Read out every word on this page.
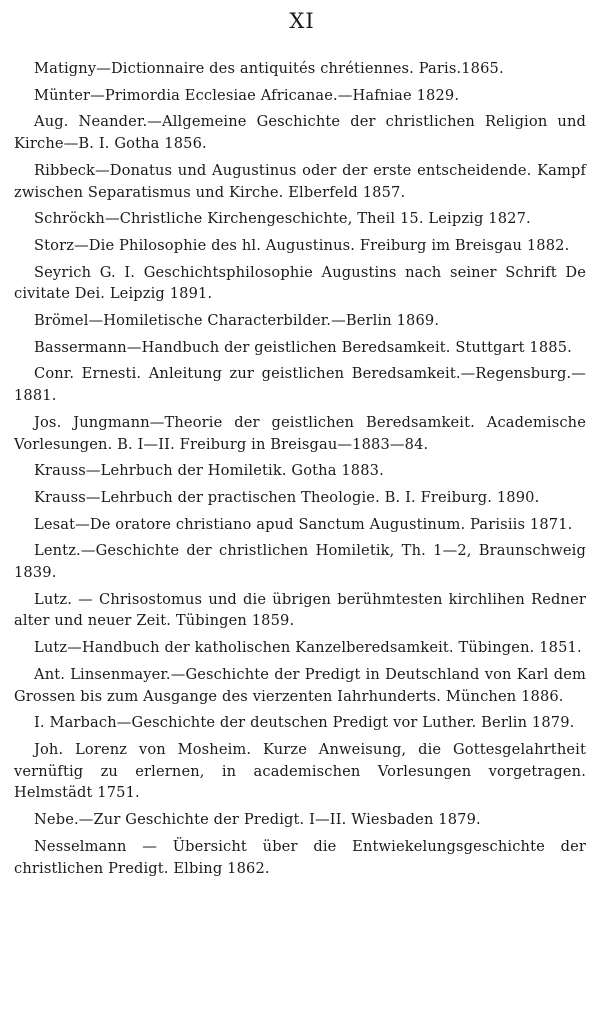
XI
Matigny—Dictionnaire des antiquités chrétiennes. Paris.1865.
Münter—Primordia Ecclesiae Africanae.—Hafniae 1829.
Aug. Neander.—Allgemeine Geschichte der christlichen Religion und Kirche—B. I. Gotha 1856.
Ribbeck—Donatus und Augustinus oder der erste entscheidende. Kampf zwischen Separatismus und Kirche. Elberfeld 1857.
Schröckh—Christliche Kirchengeschichte, Theil 15. Leipzig 1827.
Storz—Die Philosophie des hl. Augustinus. Freiburg im Breisgau 1882.
Seyrich G. I. Geschichtsphilosophie Augustins nach seiner Schrift De civitate Dei. Leipzig 1891.
Brömel—Homiletische Characterbilder.—Berlin 1869.
Bassermann—Handbuch der geistlichen Beredsamkeit. Stuttgart 1885.
Conr. Ernesti. Anleitung zur geistlichen Beredsamkeit.—Regensburg.— 1881.
Jos. Jungmann—Theorie der geistlichen Beredsamkeit. Academische Vorlesungen. B. I—II. Freiburg in Breisgau—1883—84.
Krauss—Lehrbuch der Homiletik. Gotha 1883.
Krauss—Lehrbuch der practischen Theologie. B. I. Freiburg. 1890.
Lesat—De oratore christiano apud Sanctum Augustinum. Parisiis 1871.
Lentz.—Geschichte der christlichen Homiletik, Th. 1—2, Braunschweig 1839.
Lutz. — Chrisostomus und die übrigen berühmtesten kirchlihen Redner alter und neuer Zeit. Tübingen 1859.
Lutz—Handbuch der katholischen Kanzelberedsamkeit. Tübingen. 1851.
Ant. Linsenmayer.—Geschichte der Predigt in Deutschland von Karl dem Grossen bis zum Ausgange des vierzenten Iahrhunderts. München 1886.
I. Marbach—Geschichte der deutschen Predigt vor Luther. Berlin 1879.
Joh. Lorenz von Mosheim. Kurze Anweisung, die Gottesgelahrtheit vernüftig zu erlernen, in academischen Vorlesungen vorgetragen. Helmstädt 1751.
Nebe.—Zur Geschichte der Predigt. I—II. Wiesbaden 1879.
Nesselmann — Übersicht über die Entwiekelungsgeschichte der christlichen Predigt. Elbing 1862.
